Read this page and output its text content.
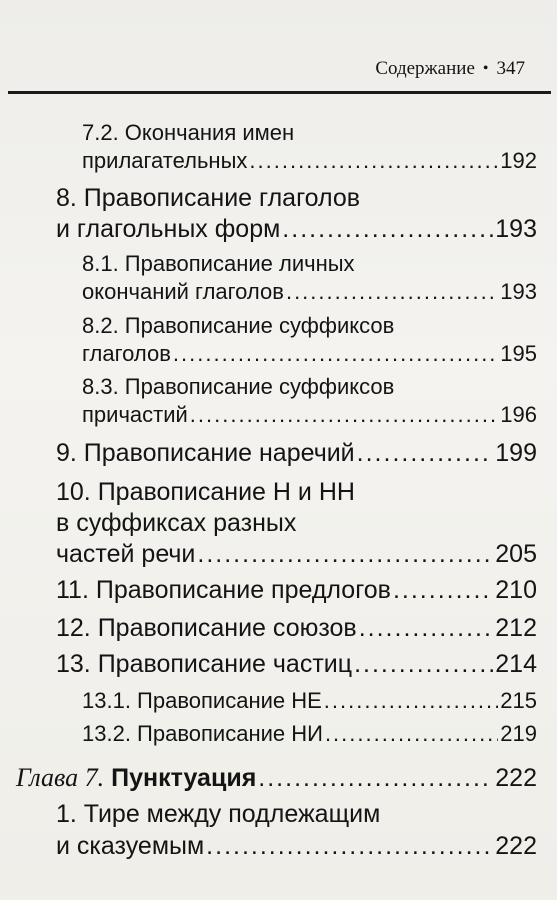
Содержание • 347
7.2. Окончания имен
прилагательных .....	192
8. Правописание глаголов
и глагольных форм .....	193
8.1. Правописание личных
окончаний глаголов .....	193
8.2. Правописание суффиксов
глаголов .....	195
8.3. Правописание суффиксов
причастий .....	196
9. Правописание наречий .....	199
10. Правописание Н и НН
в суффиксах разных
частей речи .....	205
11. Правописание предлогов .....	210
12. Правописание союзов .....	212
13. Правописание частиц .....	214
13.1. Правописание НЕ .....	215
13.2. Правописание НИ .....	219
Глава 7. Пунктуация .....	222
1. Тире между подлежащим
и сказуемым .....	222
